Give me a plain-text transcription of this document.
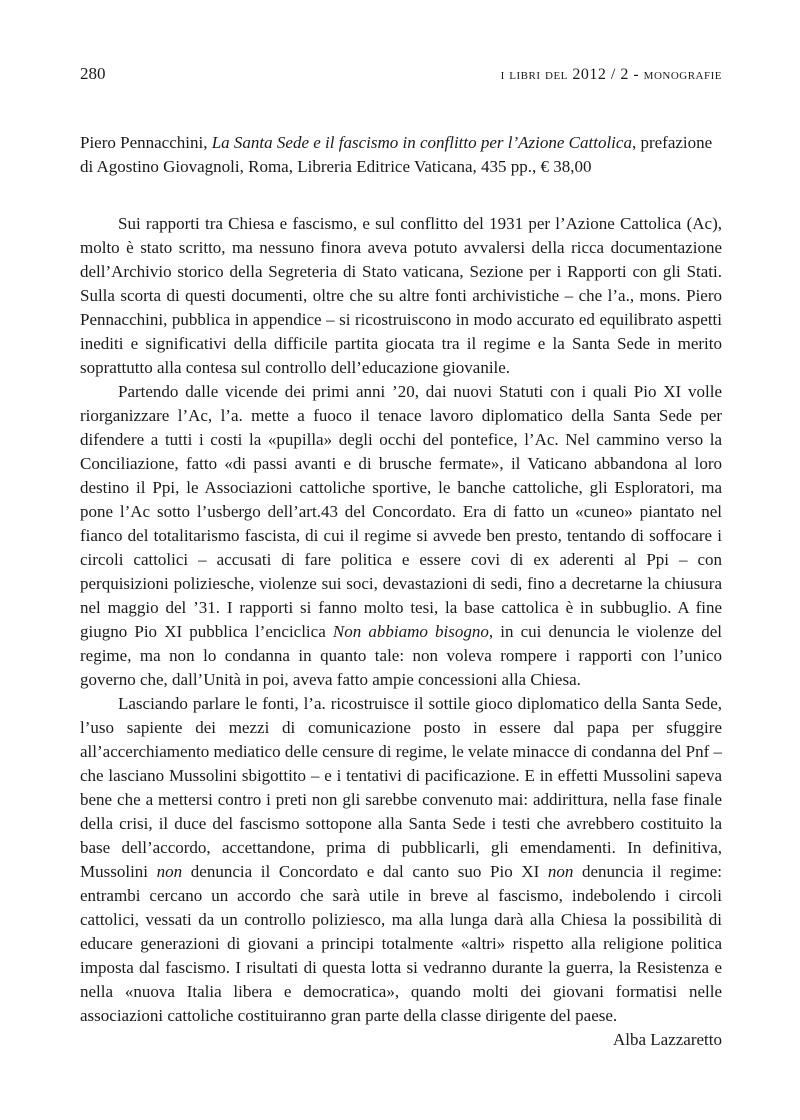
280	i libri del 2012 / 2 - monografie

Piero Pennacchini, La Santa Sede e il fascismo in conflitto per l’Azione Cattolica, prefazione di Agostino Giovagnoli, Roma, Libreria Editrice Vaticana, 435 pp., € 38,00

Sui rapporti tra Chiesa e fascismo, e sul conflitto del 1931 per l’Azione Cattolica (Ac), molto è stato scritto, ma nessuno finora aveva potuto avvalersi della ricca documentazione dell’Archivio storico della Segreteria di Stato vaticana, Sezione per i Rapporti con gli Stati. Sulla scorta di questi documenti, oltre che su altre fonti archivistiche – che l’a., mons. Piero Pennacchini, pubblica in appendice – si ricostruiscono in modo accurato ed equilibrato aspetti inediti e significativi della difficile partita giocata tra il regime e la Santa Sede in merito soprattutto alla contesa sul controllo dell’educazione giovanile.

Partendo dalle vicende dei primi anni ’20, dai nuovi Statuti con i quali Pio XI volle riorganizzare l’Ac, l’a. mette a fuoco il tenace lavoro diplomatico della Santa Sede per difendere a tutti i costi la «pupilla» degli occhi del pontefice, l’Ac. Nel cammino verso la Conciliazione, fatto «di passi avanti e di brusche fermate», il Vaticano abbandona al loro destino il Ppi, le Associazioni cattoliche sportive, le banche cattoliche, gli Esploratori, ma pone l’Ac sotto l’usbergo dell’art.43 del Concordato. Era di fatto un «cuneo» piantato nel fianco del totalitarismo fascista, di cui il regime si avvede ben presto, tentando di soffocare i circoli cattolici – accusati di fare politica e essere covi di ex aderenti al Ppi – con perquisizioni poliziesche, violenze sui soci, devastazioni di sedi, fino a decretarne la chiusura nel maggio del ’31. I rapporti si fanno molto tesi, la base cattolica è in subbuglio. A fine giugno Pio XI pubblica l’enciclica Non abbiamo bisogno, in cui denuncia le violenze del regime, ma non lo condanna in quanto tale: non voleva rompere i rapporti con l’unico governo che, dall’Unità in poi, aveva fatto ampie concessioni alla Chiesa.

Lasciando parlare le fonti, l’a. ricostruisce il sottile gioco diplomatico della Santa Sede, l’uso sapiente dei mezzi di comunicazione posto in essere dal papa per sfuggire all’accerchiamento mediatico delle censure di regime, le velate minacce di condanna del Pnf – che lasciano Mussolini sbigottito – e i tentativi di pacificazione. E in effetti Mussolini sapeva bene che a mettersi contro i preti non gli sarebbe convenuto mai: addirittura, nella fase finale della crisi, il duce del fascismo sottopone alla Santa Sede i testi che avrebbero costituito la base dell’accordo, accettandone, prima di pubblicarli, gli emendamenti. In definitiva, Mussolini non denuncia il Concordato e dal canto suo Pio XI non denuncia il regime: entrambi cercano un accordo che sarà utile in breve al fascismo, indebolendo i circoli cattolici, vessati da un controllo poliziesco, ma alla lunga darà alla Chiesa la possibilità di educare generazioni di giovani a principi totalmente «altri» rispetto alla religione politica imposta dal fascismo. I risultati di questa lotta si vedranno durante la guerra, la Resistenza e nella «nuova Italia libera e democratica», quando molti dei giovani formatisi nelle associazioni cattoliche costituiranno gran parte della classe dirigente del paese.

Alba Lazzaretto
